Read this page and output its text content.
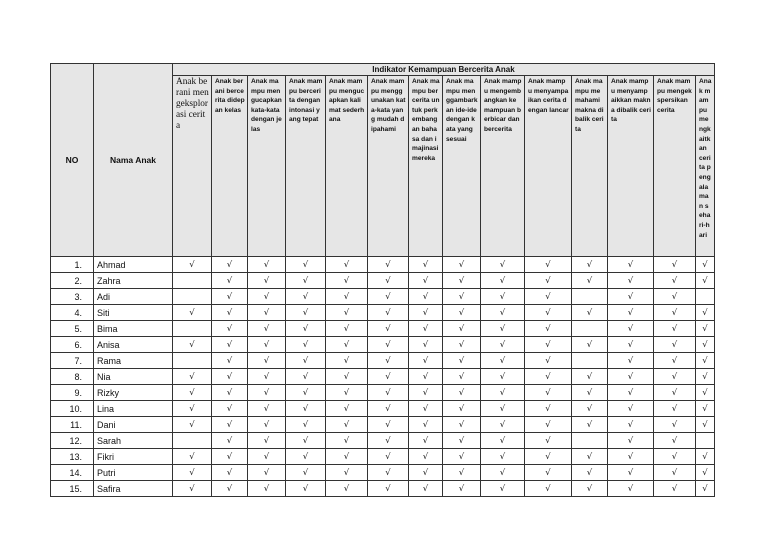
NO	Nama Anak	Indikator Kemampuan Bercerita Anak													
		Anak berani mengeksplorasi cerita	Anak berani bercerita didepan kelas	Anak mampu mengucapkan kata-kata dengan jelas	Anak mampu bercerita dengan intonasi yang tepat	Anak mampu mengucapkan kalimat sederhana	Anak mampu menggunakan kata-kata yang mudah dipahami	Anak mampu bercerita untuk perkembangan bahasa dan imajinasi mereka	Anak mampu menggambarkan ide-ide dengan kata yang sesuai	Anak mampu mengembangkan kemampuan berbicar dan bercerita	Anak mampu menyampaikan cerita dengan lancar	Anak mampu memahami makna dibalik cerita	Anak mampu menyampaikkan makna dibalik cerita	Anak mampu mengekspersikan cerita	Anak mampu mengkaitkan cerita pengalaman sehari-hari
1.	Ahmad	√	√	√	√	√	√	√	√	√	√	√	√	√	√
2.	Zahra		√	√	√	√	√	√	√	√	√	√	√	√	√
3.	Adi		√	√	√	√	√	√	√	√	√		√	√	
4.	Siti	√	√	√	√	√	√	√	√	√	√	√	√	√	√
5.	Bima		√	√	√	√	√	√	√	√	√		√	√	√
6.	Anisa	√	√	√	√	√	√	√	√	√	√	√	√	√	√
7.	Rama		√	√	√	√	√	√	√	√	√		√	√	√
8.	Nia	√	√	√	√	√	√	√	√	√	√	√	√	√	√
9.	Rizky	√	√	√	√	√	√	√	√	√	√	√	√	√	√
10.	Lina	√	√	√	√	√	√	√	√	√	√	√	√	√	√
11.	Dani	√	√	√	√	√	√	√	√	√	√	√	√	√	√
12.	Sarah		√	√	√	√	√	√	√	√	√		√	√	
13.	Fikri	√	√	√	√	√	√	√	√	√	√	√	√	√	√
14.	Putri	√	√	√	√	√	√	√	√	√	√	√	√	√	√
15.	Safira	√	√	√	√	√	√	√	√	√	√	√	√	√	√
